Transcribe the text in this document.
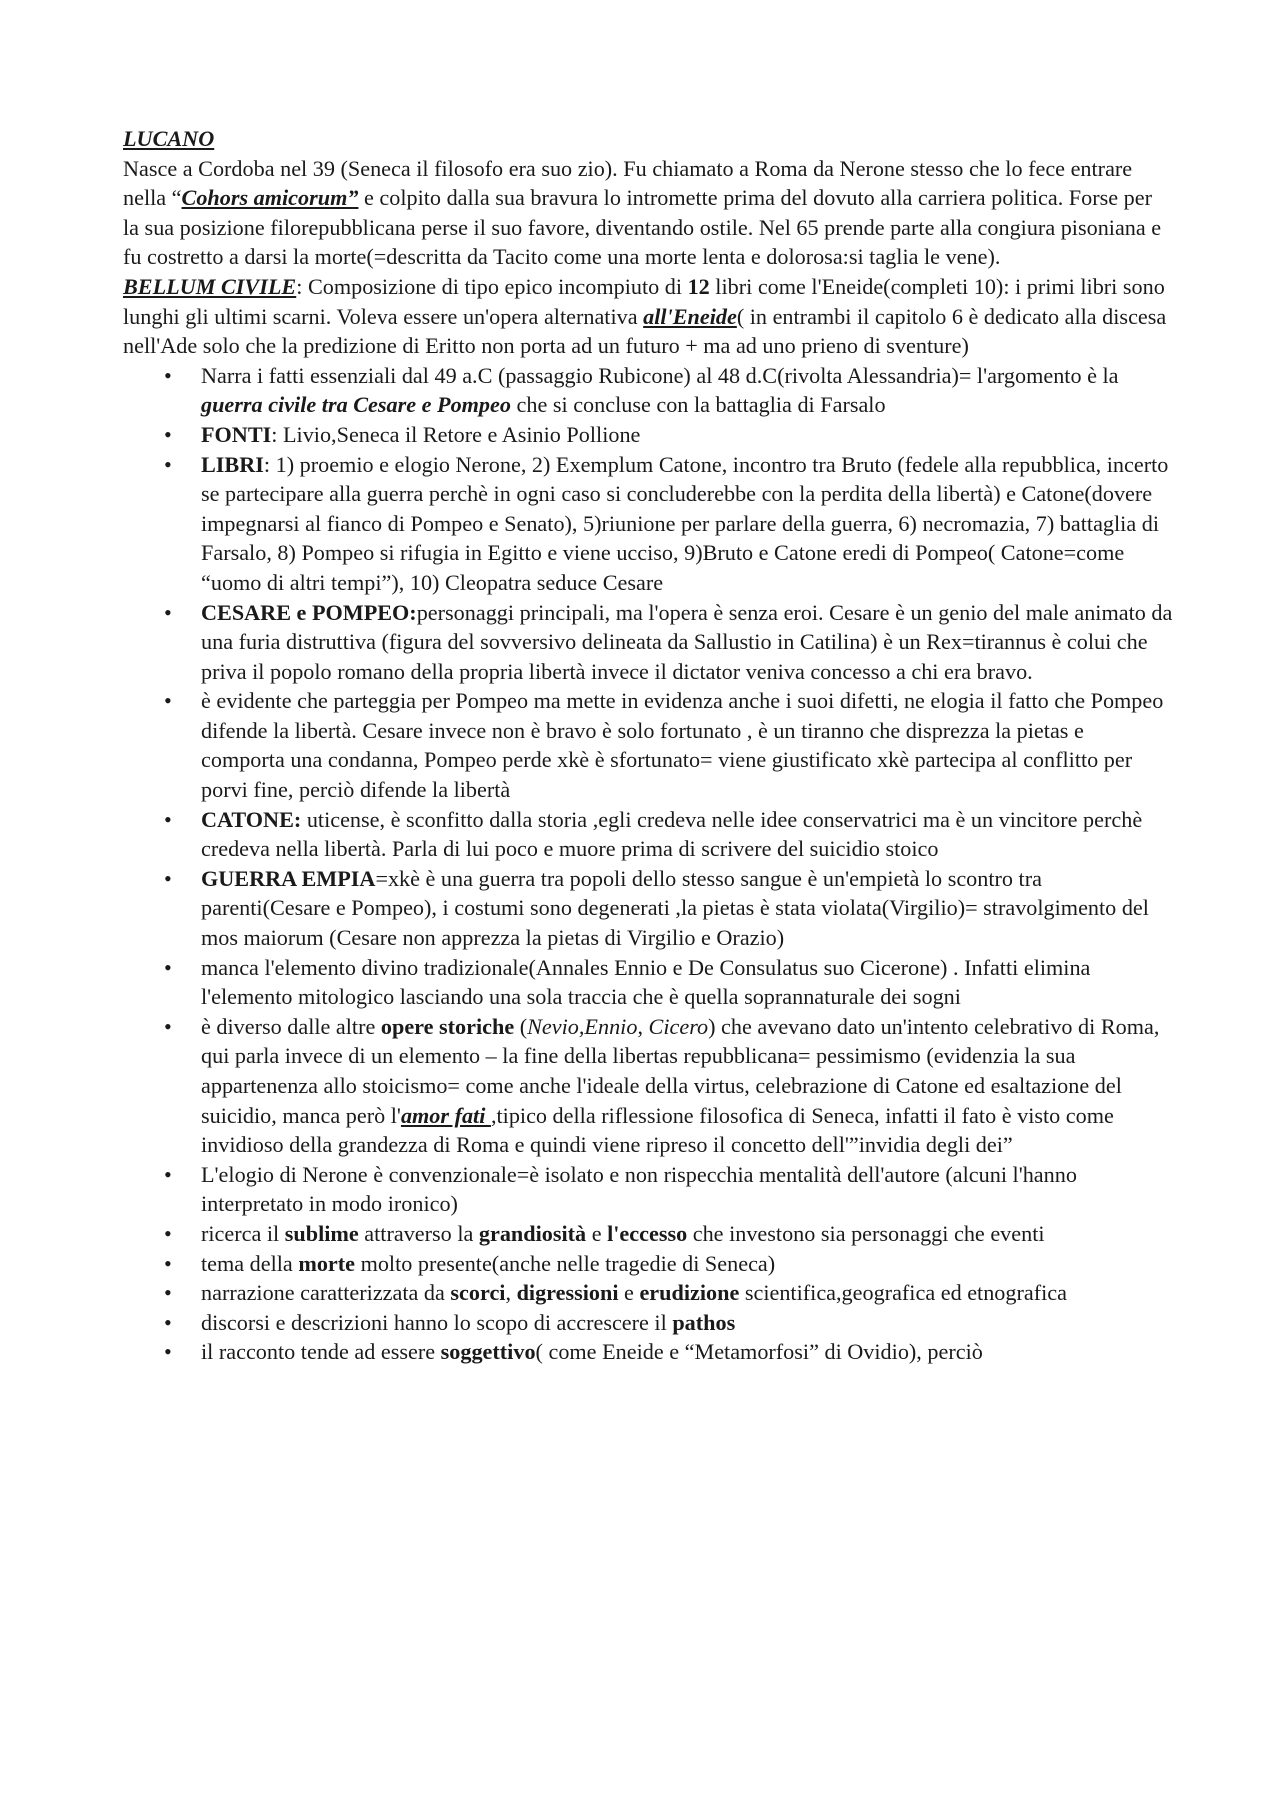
LUCANO

Nasce a Cordoba nel 39 (Seneca il filosofo era suo zio). Fu chiamato a Roma da Nerone stesso che lo fece entrare nella “Cohors amicorum” e colpito dalla sua bravura lo intromette prima del dovuto alla carriera politica. Forse per la sua posizione filorepubblicana perse il suo favore, diventando ostile. Nel 65 prende parte alla congiura pisoniana e fu costretto a darsi la morte(=descritta da Tacito come una morte lenta e dolorosa:si taglia le vene).

BELLUM CIVILE: Composizione di tipo epico incompiuto di 12 libri come l'Eneide(completi 10): i primi libri sono lunghi gli ultimi scarni. Voleva essere un'opera alternativa all'Eneide( in entrambi il capitolo 6 è dedicato alla discesa nell'Ade solo che la predizione di Eritto non porta ad un futuro + ma ad uno prieno di sventure)

• Narra i fatti essenziali dal 49 a.C (passaggio Rubicone) al 48 d.C(rivolta Alessandria)= l'argomento è la guerra civile tra Cesare e Pompeo che si concluse con la battaglia di Farsalo
• FONTI: Livio,Seneca il Retore e Asinio Pollione
• LIBRI: 1) proemio e elogio Nerone, 2) Exemplum Catone, incontro tra Bruto (fedele alla repubblica, incerto se partecipare alla guerra perchè in ogni caso si concluderebbe con la perdita della libertà) e Catone(dovere impegnarsi al fianco di Pompeo e Senato), 5)riunione per parlare della guerra, 6) necromazia, 7) battaglia di Farsalo, 8) Pompeo si rifugia in Egitto e viene ucciso, 9)Bruto e Catone eredi di Pompeo( Catone=come “uomo di altri tempi”), 10) Cleopatra seduce Cesare
• CESARE e POMPEO:personaggi principali, ma l'opera è senza eroi. Cesare è un genio del male animato da una furia distruttiva (figura del sovversivo delineata da Sallustio in Catilina) è un Rex=tirannus è colui che priva il popolo romano della propria libertà invece il dictator veniva concesso a chi era bravo.
• è evidente che parteggia per Pompeo ma mette in evidenza anche i suoi difetti, ne elogia il fatto che Pompeo difende la libertà. Cesare invece non è bravo è solo fortunato , è un tiranno che disprezza la pietas e comporta una condanna, Pompeo perde xkè è sfortunato= viene giustificato xkè partecipa al conflitto per porvi fine, perciò difende la libertà
• CATONE: uticense, è sconfitto dalla storia ,egli credeva nelle idee conservatrici ma è un vincitore perchè credeva nella libertà. Parla di lui poco e muore prima di scrivere del suicidio stoico
• GUERRA EMPIA=xkè è una guerra tra popoli dello stesso sangue è un'empietà lo scontro tra parenti(Cesare e Pompeo), i costumi sono degenerati ,la pietas è stata violata(Virgilio)= stravolgimento del mos maiorum (Cesare non apprezza la pietas di Virgilio e Orazio)
• manca l'elemento divino tradizionale(Annales Ennio e De Consulatus suo Cicerone) . Infatti elimina l'elemento mitologico lasciando una sola traccia che è quella soprannaturale dei sogni
• è diverso dalle altre opere storiche (Nevio,Ennio, Cicero) che avevano dato un'intento celebrativo di Roma, qui parla invece di un elemento – la fine della libertas repubblicana= pessimismo (evidenzia la sua appartenenza allo stoicismo= come anche l'ideale della virtus, celebrazione di Catone ed esaltazione del suicidio, manca però l'amor fati ,tipico della riflessione filosofica di Seneca, infatti il fato è visto come invidioso della grandezza di Roma e quindi viene ripreso il concetto dell'”invidia degli dei”
• L'elogio di Nerone è convenzionale=è isolato e non rispecchia mentalità dell'autore (alcuni l'hanno interpretato in modo ironico)
• ricerca il sublime attraverso la grandiosità e l'eccesso che investono sia personaggi che eventi
• tema della morte molto presente(anche nelle tragedie di Seneca)
• narrazione caratterizzata da scorci, digressioni e erudizione scientifica,geografica ed etnografica
• discorsi e descrizioni hanno lo scopo di accrescere il pathos
• il racconto tende ad essere soggettivo( come Eneide e “Metamorfosi” di Ovidio), perciò
